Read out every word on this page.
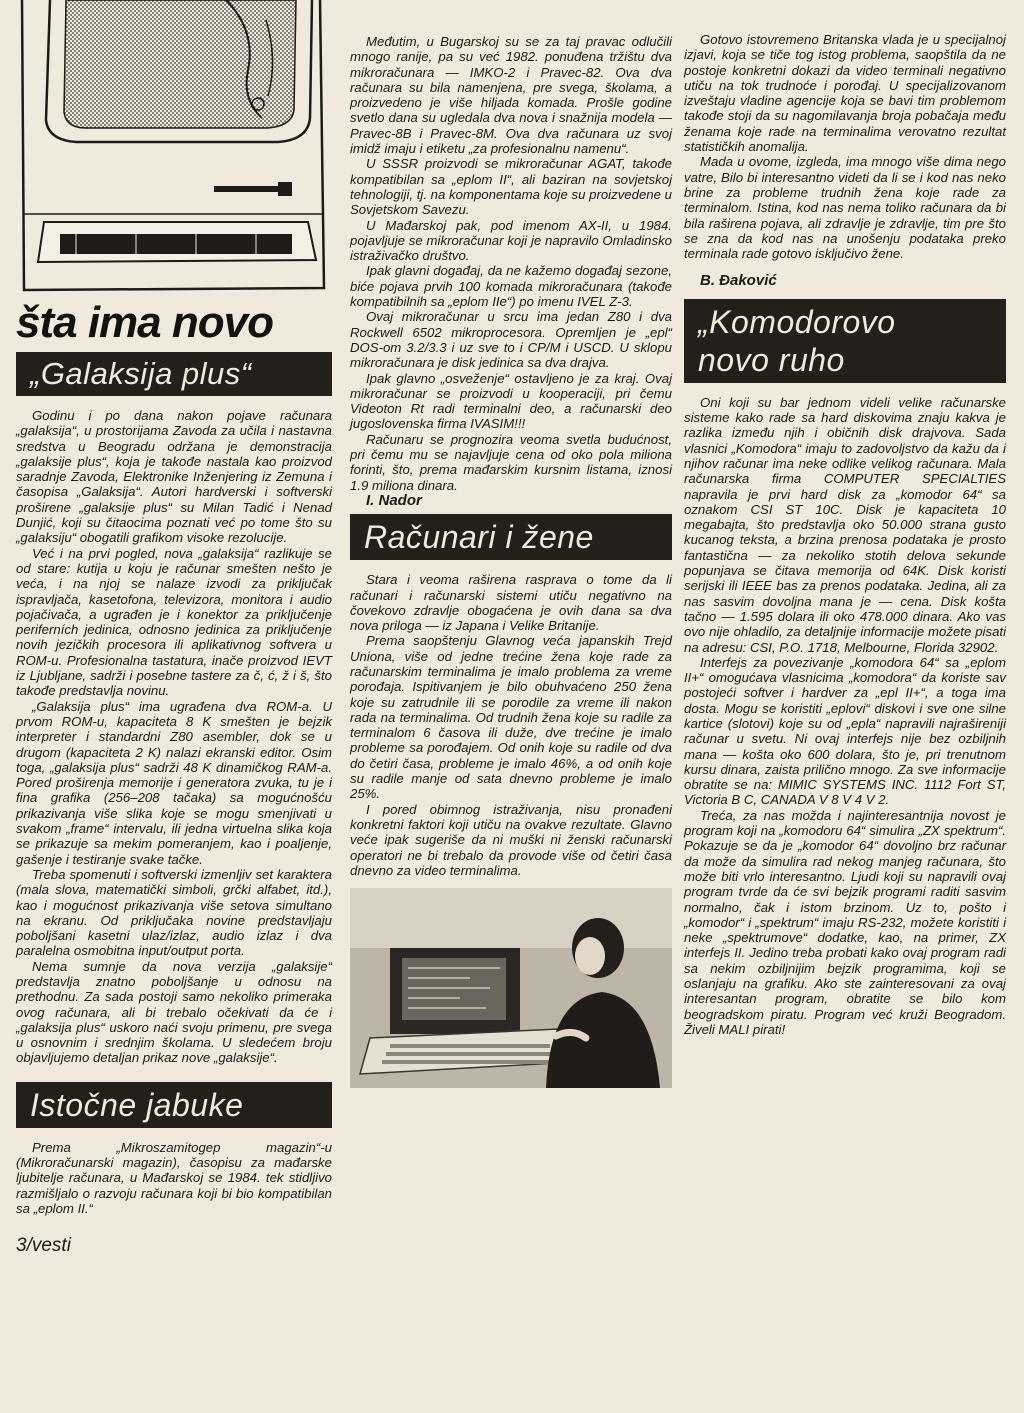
šta ima novo
„Galaksija plus“

Godinu i po dana nakon pojave računara „galaksija“, u prostorijama Zavoda za učila i nastavna sredstva u Beogradu održana je demonstracija „galaksije plus“, koja je takođe nastala kao proizvod saradnje Zavoda, Elektronike Inženjering iz Zemuna i časopisa „Galaksija“. Autori hardverski i softverski proširene „galaksije plus“ su Milan Tadić i Nenad Dunjić, koji su čitaocima poznati već po tome što su „galaksiju“ obogatili grafikom visoke rezolucije.

Već i na prvi pogled, nova „galaksija“ razlikuje se od stare: kutija u koju je računar smešten nešto je veća, i na njoj se nalaze izvodi za priključak ispravljača, kasetofona, televizora, monitora i audio pojačivača, a ugrađen je i konektor za priključenje periferních jedinica, odnosno jedinica za priključenje novih jezičkih procesora ili aplikativnog softvera u ROM-u. Profesionalna tastatura, inače proizvod IEVT iz Ljubljane, sadrži i posebne tastere za č, ć, ž i š, što takođe predstavlja novinu.

„Galaksija plus“ ima ugrađena dva ROM-a. U prvom ROM-u, kapaciteta 8 K smešten je bejzik interpreter i standardni Z80 asembler, dok se u drugom (kapaciteta 2 K) nalazi ekranski editor. Osim toga, „galaksija plus“ sadrži 48 K dinamičkog RAM-a. Pored proširenja memorije i generatora zvuka, tu je i fina grafika (256–208 tačaka) sa mogućnošću prikazivanja više slika koje se mogu smenjivati u svakom „frame“ intervalu, ili jedna virtuelna slika koja se prikazuje sa mekim pomeranjem, kao i poaljenje, gašenje i testiranje svake tačke.

Treba spomenuti i softverski izmenljiv set karaktera (mala slova, matematički simboli, grčki alfabet, itd.), kao i mogućnost prikazivanja više setova simultano na ekranu. Od priključaka novine predstavljaju poboljšani kasetni ulaz/izlaz, audio izlaz i dva paralelna osmobitna input/output porta.

Nema sumnje da nova verzija „galaksije“ predstavlja znatno poboljšanje u odnosu na prethodnu. Za sada postoji samo nekoliko primeraka ovog računara, ali bi trebalo očekivati da će i „galaksija plus“ uskoro naći svoju primenu, pre svega u osnovnim i srednjim školama. U sledećem broju objavljujemo detaljan prikaz nove „galaksije“.

Istočne jabuke

Prema „Mikroszamitogep magazin“-u (Mikroračunarski magazin), časopisu za mađarske ljubitelje računara, u Mađarskoj se 1984. tek stidljivo razmišljalo o razvoju računara koji bi bio kompatibilan sa „eplom II.“

3/vesti

Međutim, u Bugarskoj su se za taj pravac odlučili mnogo ranije, pa su već 1982. ponuđena tržištu dva mikroračunara — IMKO-2 i Pravec-82. Ova dva računara su bila namenjena, pre svega, školama, a proizvedeno je više hiljada komada. Prošle godine svetlo dana su ugledala dva nova i snažnija modela — Pravec-8B i Pravec-8M. Ova dva računara uz svoj imidž imaju i etiketu „za profesionalnu namenu“.

U SSSR proizvodi se mikroračunar AGAT, takođe kompatibilan sa „eplom II“, ali baziran na sovjetskoj tehnologiji, tj. na komponentama koje su proizvedene u Sovjetskom Savezu.

U Mađarskoj pak, pod imenom AX-II, u 1984. pojavljuje se mikroračunar koji je napravilo Omladinsko istraživačko društvo.

Ipak glavni događaj, da ne kažemo događaj sezone, biće pojava prvih 100 komada mikroračunara (takođe kompatibilnih sa „eplom IIe“) po imenu IVEL Z-3.

Ovaj mikroračunar u srcu ima jedan Z80 i dva Rockwell 6502 mikroprocesora. Opremljen je „epl“ DOS-om 3.2/3.3 i uz sve to i CP/M i USCD. U sklopu mikroračunara je disk jedinica sa dva drajva.

Ipak glavno „osveženje“ ostavljeno je za kraj. Ovaj mikroračunar se proizvodi u kooperaciji, pri čemu Videoton Rt radi terminalni deo, a računarski deo jugoslovenska firma IVASIM!!!

Računaru se prognozira veoma svetla budućnost, pri čemu mu se najavljuje cena od oko pola miliona forinti, što, prema mađarskim kursnim listama, iznosi 1.9 miliona dinara.

I. Nador

Računari i žene

Stara i veoma raširena rasprava o tome da li računari i računarski sistemi utiču negativno na čovekovo zdravlje obogaćena je ovih dana sa dva nova priloga — iz Japana i Velike Britanije.

Prema saopštenju Glavnog veća japanskih Trejd Uniona, više od jedne trećine žena koje rade za računarskim terminalima je imalo problema za vreme porođaja. Ispitivanjem je bilo obuhvaćeno 250 žena koje su zatrudnile ili se porodile za vreme ili nakon rada na terminalima. Od trudnih žena koje su radile za terminalom 6 časova ili duže, dve trećine je imalo probleme sa porođajem. Od onih koje su radile od dva do četiri časa, probleme je imalo 46%, a od onih koje su radile manje od sata dnevno probleme je imalo 25%.

I pored obimnog istraživanja, nisu pronađeni konkretni faktori koji utiču na ovakve rezultate. Glavno veće ipak sugeriše da ni muški ni ženski računarski operatori ne bi trebalo da provode više od četiri časa dnevno za video terminalima.

Gotovo istovremeno Britanska vlada je u specijalnoj izjavi, koja se tiče tog istog problema, saopštila da ne postoje konkretni dokazi da video terminali negativno utiču na tok trudnoće i porođaj. U specijalizovanom izveštaju vladine agencije koja se bavi tim problemom takođe stoji da su nagomilavanja broja pobačaja među ženama koje rade na terminalima verovatno rezultat statističkih anomalija.

Mada u ovome, izgleda, ima mnogo više dima nego vatre, Bilo bi interesantno videti da li se i kod nas neko brine za probleme trudnih žena koje rade za terminalom. Istina, kod nas nema toliko računara da bi bila raširena pojava, ali zdravlje je zdravlje, tim pre što se zna da kod nas na unošenju podataka preko terminala rade gotovo isključivo žene.

B. Đaković

„Komodorovo
novo ruho

Oni koji su bar jednom videli velike računarske sisteme kako rade sa hard diskovima znaju kakva je razlika između njih i običnih disk drajvova. Sada vlasnici „Komodora“ imaju to zadovoljstvo da kažu da i njihov računar ima neke odlike velikog računara. Mala računarska firma COMPUTER SPECIALTIES napravila je prvi hard disk za „komodor 64“ sa oznakom CSI ST 10C. Disk je kapaciteta 10 megabajta, što predstavlja oko 50.000 strana gusto kucanog teksta, a brzina prenosa podataka je prosto fantastična — za nekoliko stotih delova sekunde popunjava se čitava memorija od 64K. Disk koristi serijski ili IEEE bas za prenos podataka. Jedina, ali za nas sasvim dovoljna mana je — cena. Disk košta tačno — 1.595 dolara ili oko 478.000 dinara. Ako vas ovo nije ohladilo, za detaljnije informacije možete pisati na adresu: CSI, P.O. 1718, Melbourne, Florida 32902.

Interfejs za povezivanje „komodora 64“ sa „eplom II+“ omogućava vlasnicima „komodora“ da koriste sav postojeći softver i hardver za „epl II+“, a toga ima dosta. Mogu se koristiti „eplovi“ diskovi i sve one silne kartice (slotovi) koje su od „epla“ napravili najrašireniji računar u svetu. Ni ovaj interfejs nije bez ozbiljnih mana — košta oko 600 dolara, što je, pri trenutnom kursu dinara, zaista prilično mnogo. Za sve informacije obratite se na: MIMIC SYSTEMS INC. 1112 Fort ST, Victoria B C, CANADA V 8 V 4 V 2.

Treća, za nas možda i najinteresantnija novost je program koji na „komodoru 64“ simulira „ZX spektrum“. Pokazuje se da je „komodor 64“ dovoljno brz računar da može da simulira rad nekog manjeg računara, što može biti vrlo interesantno. Ljudi koji su napravili ovaj program tvrde da će svi bejzik programi raditi sasvim normalno, čak i istom brzinom. Uz to, pošto i „komodor“ i „spektrum“ imaju RS-232, možete koristiti i neke „spektrumove“ dodatke, kao, na primer, ZX interfejs II. Jedino treba probati kako ovaj program radi sa nekim ozbiljnijim bejzik programima, koji se oslanjaju na grafiku. Ako ste zainteresovani za ovaj interesantan program, obratite se bilo kom beogradskom piratu. Program već kruži Beogradom. Živeli MALI pirati!
